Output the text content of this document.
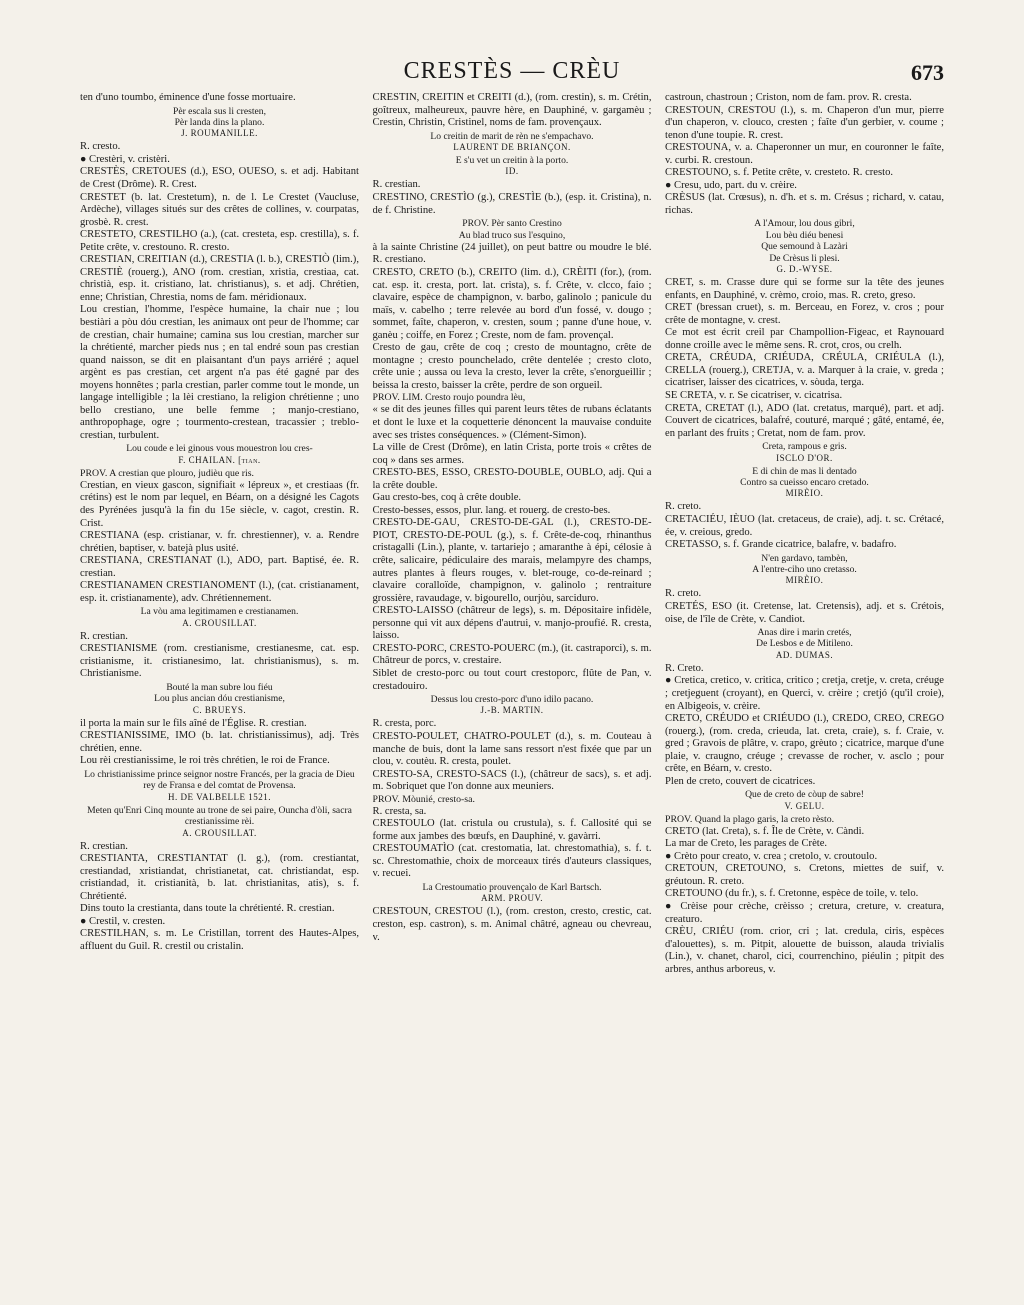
CRESTÈS — CRÈU	673

ten d'uno toumbo, éminence d'une fosse mortuaire.

Pèr escala sus li cresten,
Pèr landa dins la plano.
J. ROUMANILLE.

R. cresto.

● Crestèri, v. cristèri.

CRESTÈS, CRETOUES (d.), ESO, OUESO, s. et adj. Habitant de Crest (Drôme). R. Crest.

CRESTET (b. lat. Crestetum), n. de l. Le Crestet (Vaucluse, Ardèche), villages situés sur des crêtes de collines, v. courpatas, grosbè. R. crest.

CRESTETO, CRESTILHO (a.), (cat. cresteta, esp. crestilla), s. f. Petite crête, v. crestouno. R. cresto.

CRESTIAN, CREITIAN (d.), CRESTIA (l. b.), CRESTIÒ (lim.), CRESTIÈ (rouerg.), ANO (rom. crestian, xristia, crestiaa, cat. christià, esp. it. cristiano, lat. christianus), s. et adj. Chrétien, enne; Christian, Chrestia, noms de fam. méridionaux.

Lou crestian, l'homme, l'espèce humaine, la chair nue ; lou bestiàri a pòu dóu crestian, les animaux ont peur de l'homme; car de crestian, chair humaine; camina sus lou crestian, marcher sur la chrétienté, marcher pieds nus ; en tal endré soun pas crestian quand naisson, se dit en plaisantant d'un pays arriéré ; aquel argènt es pas crestian, cet argent n'a pas été gagné par des moyens honnêtes ; parla crestian, parler comme tout le monde, un langage intelligible ; la lèi crestiano, la religion chrétienne ; uno bello crestiano, une belle femme ; manjo-crestiano, anthropophage, ogre ; tourmento-crestean, tracassier ; treblo-crestian, turbulent.

Lou coude e lei ginous vous mouestron lou cres-
F. CHAILAN. [tian.

PROV. A crestian que plouro, judièu que ris.

Crestian, en vieux gascon, signifiait « lépreux », et crestiaas (fr. crétins) est le nom par lequel, en Béarn, on a désigné les Cagots des Pyrénées jusqu'à la fin du 15e siècle, v. cagot, crestin. R. Crist.

CRESTIANA (esp. cristianar, v. fr. chrestienner), v. a. Rendre chrétien, baptiser, v. batejà plus usité.

CRESTIANA, CRESTIANAT (l.), ADO, part. Baptisé, ée. R. crestian.

CRESTIANAMEN CRESTIANOMENT (l.), (cat. cristianament, esp. it. cristianamente), adv. Chrétiennement.

La vòu ama legitimamen e crestianamen.
A. CROUSILLAT.

R. crestian.

CRESTIANISME (rom. crestianisme, crestianesme, cat. esp. cristianisme, it. cristianesimo, lat. christianismus), s. m. Christianisme.

Bouté la man subre lou fiéu
Lou plus ancian dóu crestianisme,
C. BRUEYS.

il porta la main sur le fils aîné de l'Église. R. crestian.

CRESTIANISSIME, IMO (b. lat. christianissimus), adj. Très chrétien, enne.

Lou rèi crestianissime, le roi très chrétien, le roi de France.

Lo christianissime prince seignor nostre Francés, per la gracia de Dieu rey de Fransa e del comtat de Provensa.
H. DE VALBELLE 1521.
Meten qu'Enri Cinq mounte au trone de sei paire, Ouncha d'òli, sacra crestianissime rèi.
A. CROUSILLAT.

R. crestian.

CRESTIANTA, CRESTIANTAT (l. g.), (rom. crestiantat, crestiandad, xristiandat, christianetat, cat. christiandat, esp. cristiandad, it. cristianità, b. lat. christianitas, atis), s. f. Chrétienté.

Dins touto la crestianta, dans toute la chrétienté. R. crestian.

● Crestil, v. cresten.

CRESTILHAN, s. m. Le Cristillan, torrent des Hautes-Alpes, affluent du Guil. R. crestil ou cristalin.

CRESTIN, CREITIN et CREITI (d.), (rom. crestin), s. m. Crétin, goîtreux, malheureux, pauvre hère, en Dauphiné, v. gargamèu ; Crestin, Christin, Cristinel, noms de fam. provençaux.

Lo creitin de marit de rèn ne s'empachavo.
LAURENT DE BRIANÇON.
E s'u vet un creitin à la porto.
ID.

R. crestian.

CRESTINO, CRESTÌO (g.), CRESTÌE (b.), (esp. it. Cristina), n. de f. Christine.

PROV. Pèr santo Crestino
Au blad truco sus l'esquino,

à la sainte Christine (24 juillet), on peut battre ou moudre le blé. R. crestiano.

CRESTO, CRETO (b.), CREITO (lim. d.), CRÈITI (for.), (rom. cat. esp. it. cresta, port. lat. crista), s. f. Crête, v. clcco, faio ; clavaire, espèce de champignon, v. barbo, galinolo ; panicule du maïs, v. cabelho ; terre relevée au bord d'un fossé, v. dougo ; sommet, faîte, chaperon, v. cresten, soum ; panne d'une houe, v. ganèu ; coiffe, en Forez ; Creste, nom de fam. provençal.

Cresto de gau, crête de coq ; cresto de mountagno, crête de montagne ; cresto pounchelado, crête dentelée ; cresto cloto, crête unie ; aussa ou leva la cresto, lever la crête, s'enorgueillir ; beissa la cresto, baisser la crête, perdre de son orgueil.

PROV. LIM. Cresto roujo poundra lèu,

« se dit des jeunes filles qui parent leurs têtes de rubans éclatants et dont le luxe et la coquetterie dénoncent la mauvaise conduite avec ses tristes conséquences. » (Clément-Simon).

La ville de Crest (Drôme), en latin Crista, porte trois « crêtes de coq » dans ses armes.

CRESTO-BES, ESSO, CRESTO-DOUBLE, OUBLO, adj. Qui a la crête double.

Gau cresto-bes, coq à crête double.

Cresto-besses, essos, plur. lang. et rouerg. de cresto-bes.

CRESTO-DE-GAU, CRESTO-DE-GAL (l.), CRESTO-DE-PIOT, CRESTO-DE-POUL (g.), s. f. Crête-de-coq, rhinanthus cristagalli (Lin.), plante, v. tartariejo ; amaranthe à épi, célosie à crête, salicaire, pédiculaire des marais, melampyre des champs, autres plantes à fleurs rouges, v. blet-rouge, co-de-reinard ; clavaire coralloïde, champignon, v. galinolo ; rentraiture grossière, ravaudage, v. bigourello, ourjòu, sarciduro.

CRESTO-LAISSO (châtreur de legs), s. m. Dépositaire infidèle, personne qui vit aux dépens d'autrui, v. manjo-proufié. R. cresta, laisso.

CRESTO-PORC, CRESTO-POUERC (m.), (it. castraporci), s. m. Châtreur de porcs, v. crestaire.

Siblet de cresto-porc ou tout court crestoporc, flûte de Pan, v. crestadouiro.

Dessus lou cresto-porc d'uno idilo pacano.
J.-B. MARTIN.

R. cresta, porc.

CRESTO-POULET, CHATRO-POULET (d.), s. m. Couteau à manche de buis, dont la lame sans ressort n'est fixée que par un clou, v. coutèu. R. cresta, poulet.

CRESTO-SA, CRESTO-SACS (l.), (châtreur de sacs), s. et adj. m. Sobriquet que l'on donne aux meuniers.

PROV. Mòunié, cresto-sa.

R. cresta, sa.

CRESTOULO (lat. cristula ou crustula), s. f. Callosité qui se forme aux jambes des bœufs, en Dauphiné, v. gavàrri.

CRESTOUMATÌO (cat. crestomatia, lat. chrestomathia), s. f. t. sc. Chrestomathie, choix de morceaux tirés d'auteurs classiques, v. recuei.

La Crestoumatìo prouvençalo de Karl Bartsch.
ARM. PROUV.

CRESTOUN, CRESTOU (l.), (rom. creston, cresto, crestic, cat. creston, esp. castron), s. m. Animal châtré, agneau ou chevreau, v.

castroun, chastroun ; Criston, nom de fam. prov. R. cresta.

CRESTOUN, CRESTOU (l.), s. m. Chaperon d'un mur, pierre d'un chaperon, v. clouco, cresten ; faîte d'un gerbier, v. coume ; tenon d'une toupie. R. crest.

CRESTOUNA, v. a. Chaperonner un mur, en couronner le faîte, v. curbi. R. crestoun.

CRESTOUNO, s. f. Petite crête, v. cresteto. R. cresto.

● Cresu, udo, part. du v. crèire.

CRÈSUS (lat. Crœsus), n. d'h. et s. m. Crésus ; richard, v. catau, richas.

A l'Amour, lou dous gibri,
Lou bèu diéu benesi
Que semound à Lazàri
De Crèsus li plesi.
G. D.-WYSE.

CRET, s. m. Crasse dure qui se forme sur la tête des jeunes enfants, en Dauphiné, v. crèmo, croio, mas. R. creto, greso.

CRET (bressan cruet), s. m. Berceau, en Forez, v. cros ; pour crête de montagne, v. crest.

Ce mot est écrit creil par Champollion-Figeac, et Raynouard donne croille avec le même sens. R. crot, cros, ou crelh.

CRETA, CRÉUDA, CRIÉUDA, CRÉULA, CRIÉULA (l.), CRELLA (rouerg.), CRETJA, v. a. Marquer à la craie, v. greda ; cicatriser, laisser des cicatrices, v. sòuda, terga.

SE CRETA, v. r. Se cicatriser, v. cicatrisa.

CRETA, CRETAT (l.), ADO (lat. cretatus, marqué), part. et adj. Couvert de cicatrices, balafré, couturé, marqué ; gâté, entamé, ée, en parlant des fruits ; Cretat, nom de fam. prov.

Creta, rampous e gris.
ISCLO D'OR.
E di chin de mas li dentado
Contro sa cueisso encaro cretado.
MIRÈIO.

R. creto.

CRETACIÉU, IÈUO (lat. cretaceus, de craie), adj. t. sc. Crétacé, ée, v. creious, gredo.

CRETASSO, s. f. Grande cicatrice, balafre, v. badafro.

N'en gardavo, tambèn,
A l'entre-ciho uno cretasso.
MIRÈIO.

R. creto.

CRETÉS, ESO (it. Cretense, lat. Cretensis), adj. et s. Crétois, oise, de l'île de Crète, v. Candiot.

Anas dire i marin cretés,
De Lesbos e de Mitileno.
AD. DUMAS.

R. Creto.

● Cretica, cretico, v. critica, critico ; cretja, cretje, v. creta, créuge ; cretjeguent (croyant), en Querci, v. crèire ; cretjó (qu'il croie), en Albigeois, v. crèire.

CRETO, CRÉUDO et CRIÉUDO (l.), CREDO, CREO, CREGO (rouerg.), (rom. creda, crieuda, lat. creta, craie), s. f. Craie, v. gred ; Gravois de plâtre, v. crapo, grèuto ; cicatrice, marque d'une plaie, v. craugno, créuge ; crevasse de rocher, v. asclo ; pour crête, en Béarn, v. cresto.

Plen de creto, couvert de cicatrices.

Que de creto de còup de sabre!
V. GELU.

PROV. Quand la plago garis, la creto rèsto.

CRETO (lat. Creta), s. f. Île de Crète, v. Càndi.

La mar de Creto, les parages de Crète.

● Crèto pour creato, v. crea ; cretolo, v. croutoulo.

CRETOUN, CRETOUNO, s. Cretons, miettes de suif, v. gréutoun. R. creto.

CRETOUNO (du fr.), s. f. Cretonne, espèce de toile, v. telo.

● Crèise pour crèche, crèisso ; cretura, creture, v. creatura, creaturo.

CRÈU, CRIÉU (rom. crior, cri ; lat. credula, ciris, espèces d'alouettes), s. m. Pitpit, alouette de buisson, alauda trivialis (Lin.), v. chanet, charol, cici, courrenchino, piéulin ; pitpit des arbres, anthus arboreus, v.
